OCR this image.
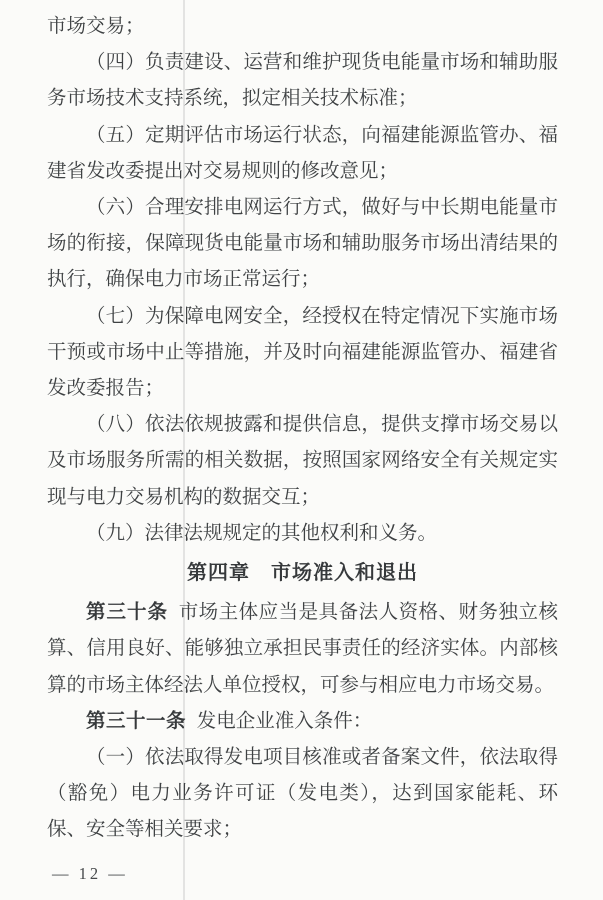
市场交易；

（四）负责建设、运营和维护现货电能量市场和辅助服务市场技术支持系统，拟定相关技术标准；

（五）定期评估市场运行状态，向福建能源监管办、福建省发改委提出对交易规则的修改意见；

（六）合理安排电网运行方式，做好与中长期电能量市场的衔接，保障现货电能量市场和辅助服务市场出清结果的执行，确保电力市场正常运行；

（七）为保障电网安全，经授权在特定情况下实施市场干预或市场中止等措施，并及时向福建能源监管办、福建省发改委报告；

（八）依法依规披露和提供信息，提供支撑市场交易以及市场服务所需的相关数据，按照国家网络安全有关规定实现与电力交易机构的数据交互；

（九）法律法规规定的其他权利和义务。

第四章　市场准入和退出

第三十条 市场主体应当是具备法人资格、财务独立核算、信用良好、能够独立承担民事责任的经济实体。内部核算的市场主体经法人单位授权，可参与相应电力市场交易。

第三十一条 发电企业准入条件：

（一）依法取得发电项目核准或者备案文件，依法取得（豁免）电力业务许可证（发电类），达到国家能耗、环保、安全等相关要求；

— 12 —
